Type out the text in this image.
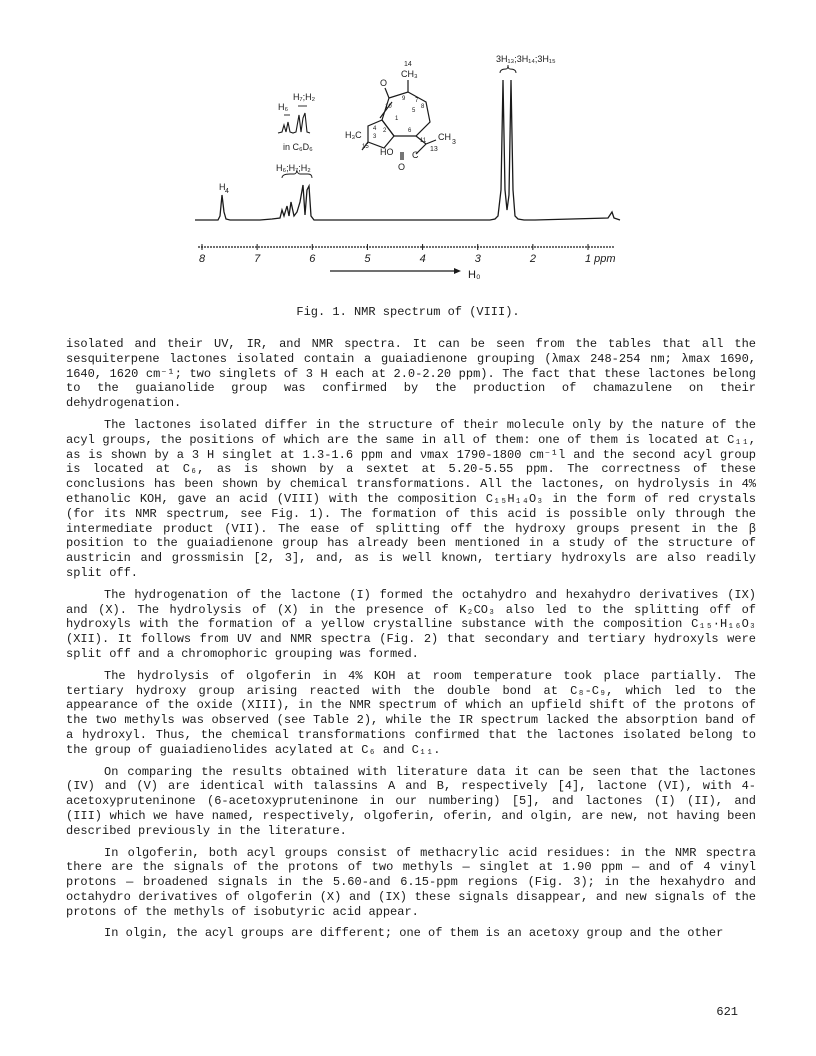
8	7	6	5	4	3	2	1 ppm
H₀
H₆
H₇;H₂
in C₆D₆
H 4
H₆;H₇;H₂
3H₁₃;3H₁₄;3H₁₅
14
CH₃
O
H₃C
HO C
O
CH
13
3
1
2
3
4
5
6
7
8
9
10
11
15
Fig. 1. NMR spectrum of (VIII).

isolated and their UV, IR, and NMR spectra. It can be seen from the tables that all the sesquiterpene lactones isolated contain a guaiadienone grouping (λmax 248-254 nm; λmax 1690, 1640, 1620 cm⁻¹; two singlets of 3 H each at 2.0-2.20 ppm). The fact that these lactones belong to the guaianolide group was confirmed by the production of chamazulene on their dehydrogenation.

The lactones isolated differ in the structure of their molecule only by the nature of the acyl groups, the positions of which are the same in all of them: one of them is located at C₁₁, as is shown by a 3 H singlet at 1.3-1.6 ppm and νmax 1790-1800 cm⁻¹l and the second acyl group is located at C₆, as is shown by a sextet at 5.20-5.55 ppm. The correctness of these conclusions has been shown by chemical transformations. All the lactones, on hydrolysis in 4% ethanolic KOH, gave an acid (VIII) with the composition C₁₅H₁₄O₃ in the form of red crystals (for its NMR spectrum, see Fig. 1). The formation of this acid is possible only through the intermediate product (VII). The ease of splitting off the hydroxy groups present in the β position to the guaiadienone group has already been mentioned in a study of the structure of austricin and grossmisin [2, 3], and, as is well known, tertiary hydroxyls are also readily split off.

The hydrogenation of the lactone (I) formed the octahydro and hexahydro derivatives (IX) and (X). The hydrolysis of (X) in the presence of K₂CO₃ also led to the splitting off of hydroxyls with the formation of a yellow crystalline substance with the composition C₁₅·H₁₆O₃ (XII). It follows from UV and NMR spectra (Fig. 2) that secondary and tertiary hydroxyls were split off and a chromophoric grouping was formed.

The hydrolysis of olgoferin in 4% KOH at room temperature took place partially. The tertiary hydroxy group arising reacted with the double bond at C₈-C₉, which led to the appearance of the oxide (XIII), in the NMR spectrum of which an upfield shift of the protons of the two methyls was observed (see Table 2), while the IR spectrum lacked the absorption band of a hydroxyl. Thus, the chemical transformations confirmed that the lactones isolated belong to the group of guaiadienolides acylated at C₆ and C₁₁.

On comparing the results obtained with literature data it can be seen that the lactones (IV) and (V) are identical with talassins A and B, respectively [4], lactone (VI), with 4-acetoxypruteninone (6-acetoxypruteninone in our numbering) [5], and lactones (I) (II), and (III) which we have named, respectively, olgoferin, oferin, and olgin, are new, not having been described previously in the literature.

In olgoferin, both acyl groups consist of methacrylic acid residues: in the NMR spectra there are the signals of the protons of two methyls — singlet at 1.90 ppm — and of 4 vinyl protons — broadened signals in the 5.60-and 6.15-ppm regions (Fig. 3); in the hexahydro and octahydro derivatives of olgoferin (X) and (IX) these signals disappear, and new signals of the protons of the methyls of isobutyric acid appear.

In olgin, the acyl groups are different; one of them is an acetoxy group and the other

621
